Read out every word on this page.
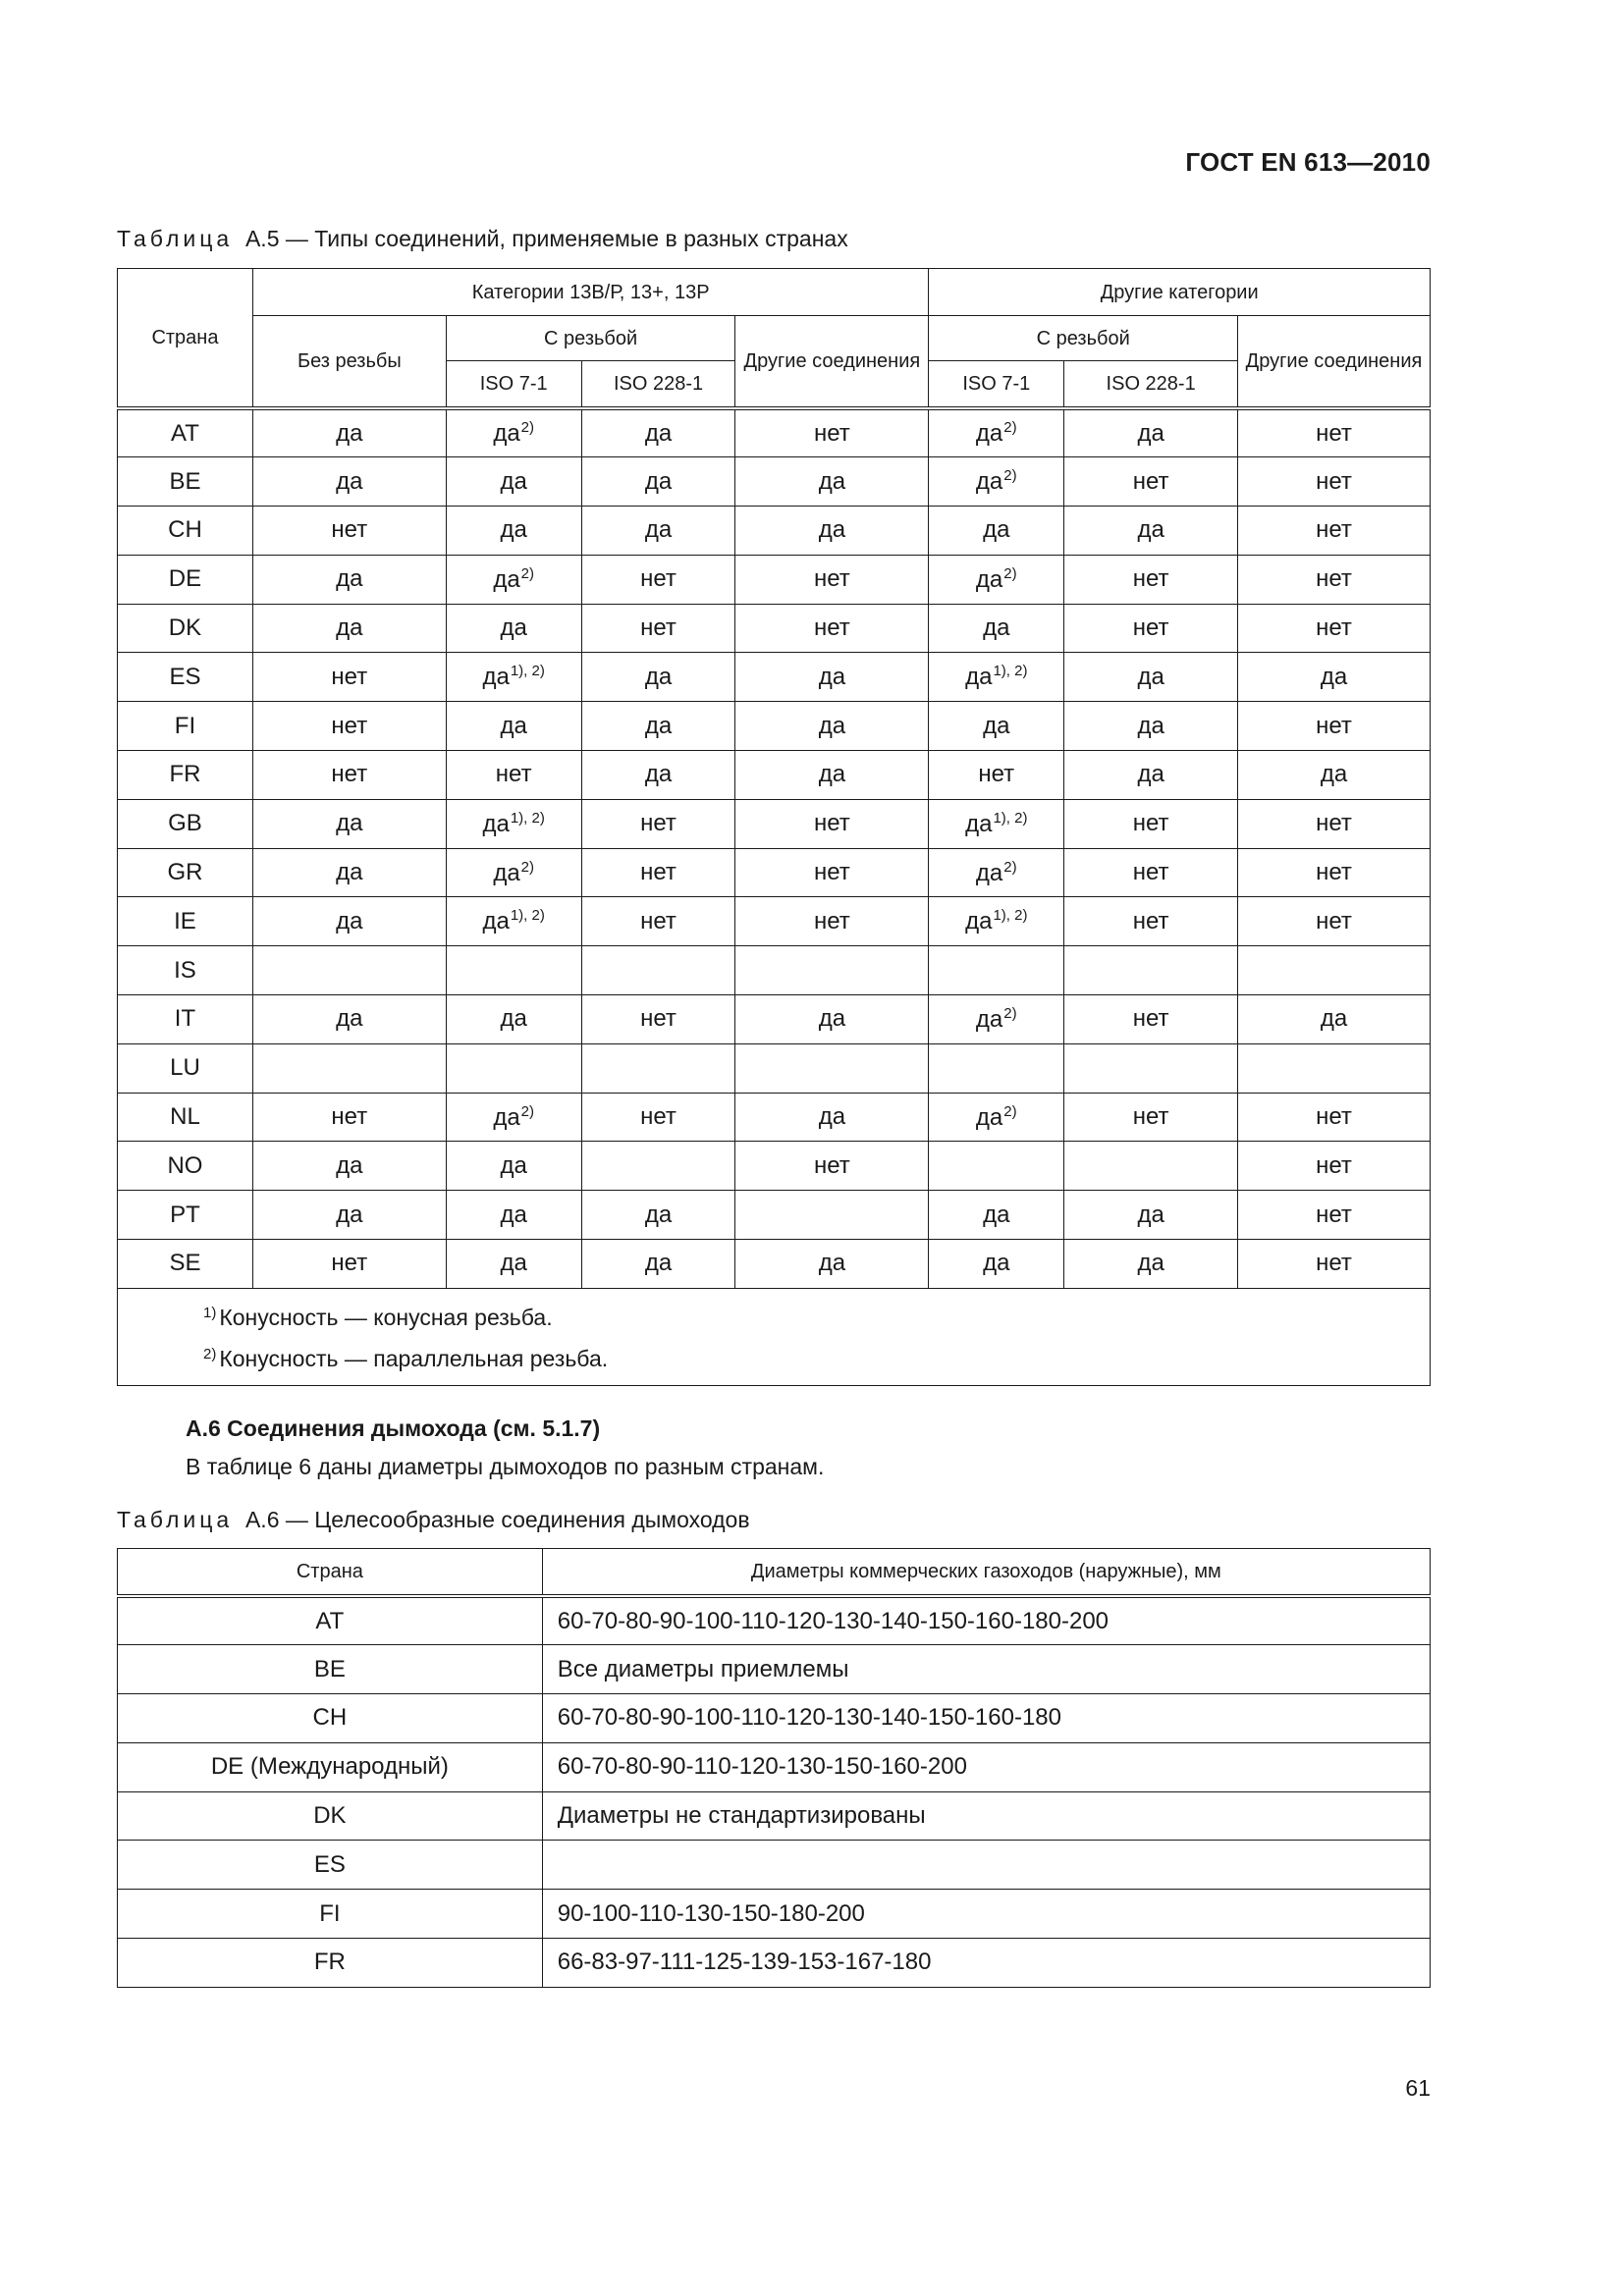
ГОСТ EN 613—2010
Таблица А.5 — Типы соединений, применяемые в разных странах
Страна	Категории 13В/Р, 13+, 13Р				Другие категории		
	Без резьбы	С резьбой		Другие соединения	С резьбой		Другие соединения
		ISO 7-1	ISO 228-1		ISO 7-1	ISO 228-1	
AT	да	$да^{2)}$	да	нет	$да^{2)}$	да	нет
BE	да	да	да	да	$да^{2)}$	нет	нет
CH	нет	да	да	да	да	да	нет
DE	да	$да^{2)}$	нет	нет	$да^{2)}$	нет	нет
DK	да	да	нет	нет	да	нет	нет
ES	нет	$да^{1), 2)}$	да	да	$да^{1), 2)}$	да	да
FI	нет	да	да	да	да	да	нет
FR	нет	нет	да	да	нет	да	да
GB	да	$да^{1), 2)}$	нет	нет	$да^{1), 2)}$	нет	нет
GR	да	$да^{2)}$	нет	нет	$да^{2)}$	нет	нет
IE	да	$да^{1), 2)}$	нет	нет	$да^{1), 2)}$	нет	нет
IS							
IT	да	да	нет	да	$да^{2)}$	нет	да
LU							
NL	нет	$да^{2)}$	нет	да	$да^{2)}$	нет	нет
NO	да	да		нет			нет
PT	да	да	да		да	да	нет
SE	нет	да	да	да	да	да	нет

$^{1)}$ Конусность — конусная резьба.
$^{2)}$ Конусность — параллельная резьба.							
А.6 Соединения дымохода (см. 5.1.7)
В таблице 6 даны диаметры дымоходов по разным странам.
Таблица А.6 — Целесообразные соединения дымоходов
Страна	Диаметры коммерческих газоходов (наружные), мм
AT	60-70-80-90-100-110-120-130-140-150-160-180-200
BE	Все диаметры приемлемы
CH	60-70-80-90-100-110-120-130-140-150-160-180
DE (Международный)	60-70-80-90-110-120-130-150-160-200
DK	Диаметры не стандартизированы
ES	
FI	90-100-110-130-150-180-200
FR	66-83-97-111-125-139-153-167-180
61
